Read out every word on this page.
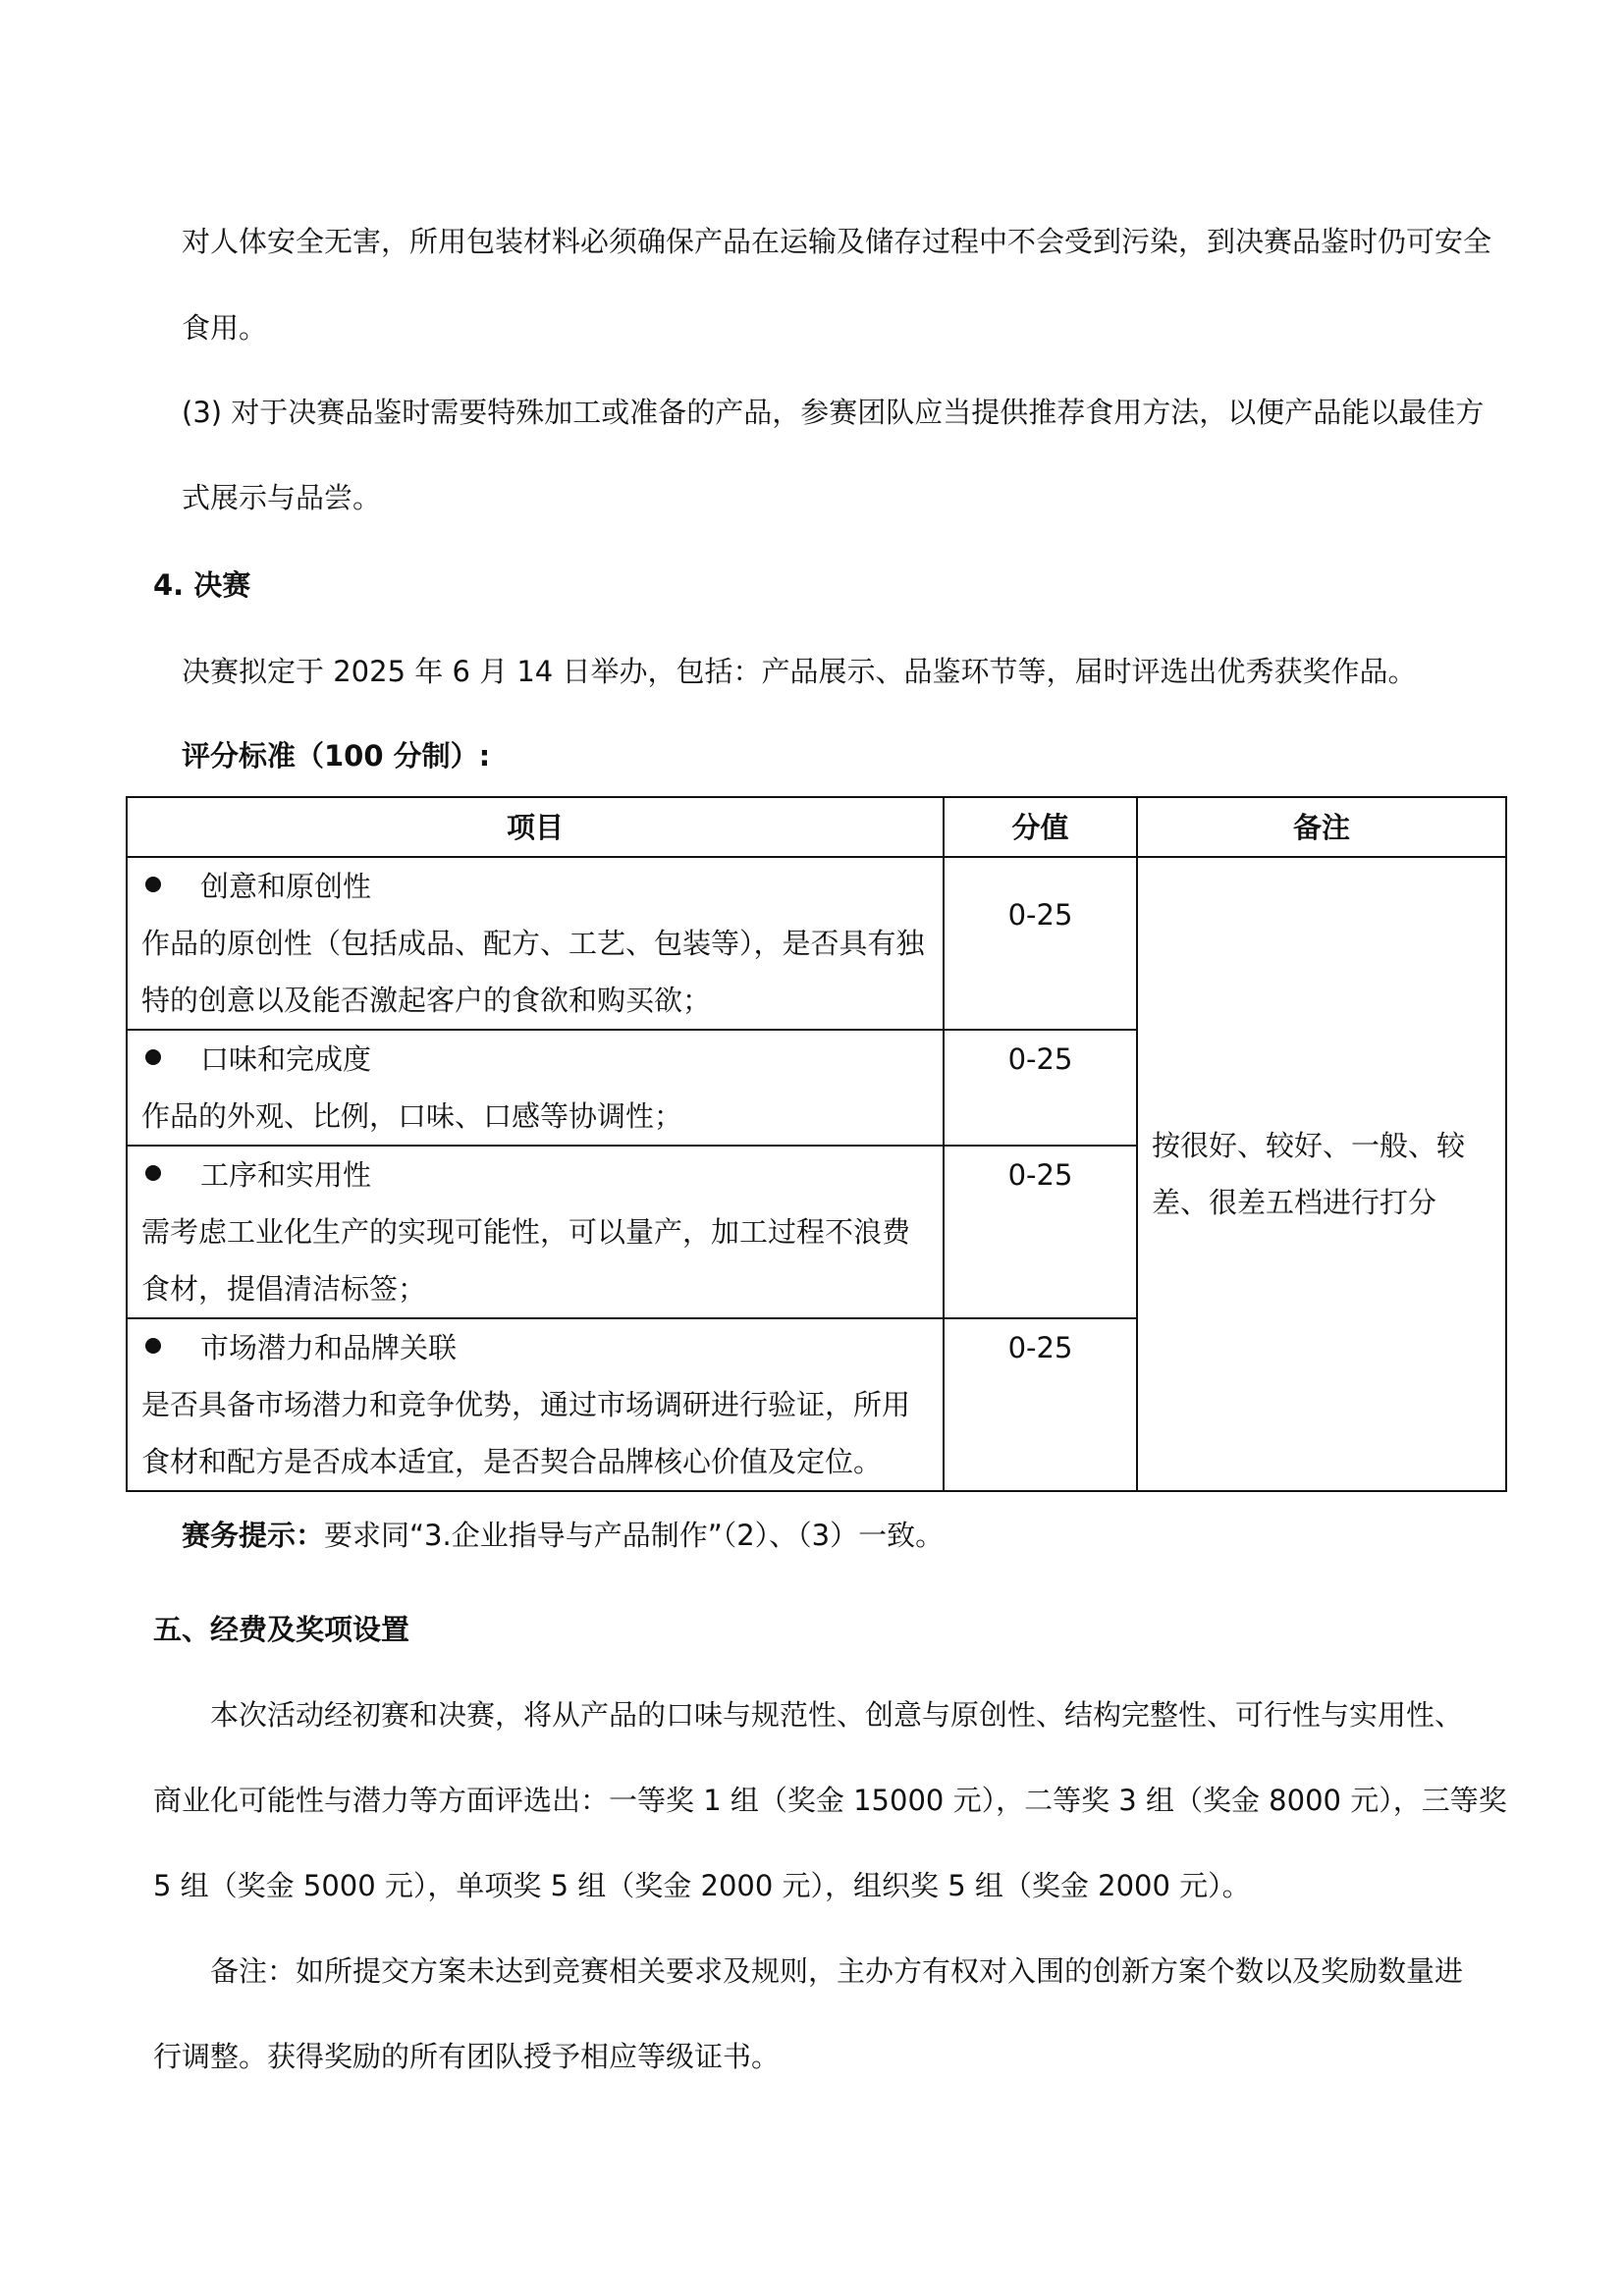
对人体安全无害，所用包装材料必须确保产品在运输及储存过程中不会受到污染，到决赛品鉴时仍可安全
食用。
(3) 对于决赛品鉴时需要特殊加工或准备的产品，参赛团队应当提供推荐食用方法，以便产品能以最佳方
式展示与品尝。
4. 决赛
决赛拟定于 2025 年 6 月 14 日举办，包括：产品展示、品鉴环节等，届时评选出优秀获奖作品。
评分标准（100 分制）:
项目	分值	备注

创意和原创性
作品的原创性（包括成品、配方、工艺、包装等），是否具有独特的创意以及能否激起客户的食欲和购买欲；	0-25	按很好、较好、一般、较差、很差五档进行打分

口味和完成度
作品的外观、比例，口味、口感等协调性；	0-25	

工序和实用性
需考虑工业化生产的实现可能性，可以量产，加工过程不浪费食材，提倡清洁标签；	0-25	

市场潜力和品牌关联
是否具备市场潜力和竞争优势，通过市场调研进行验证，所用食材和配方是否成本适宜，是否契合品牌核心价值及定位。	0-25	
赛务提示：要求同“3.企业指导与产品制作”（2）、（3）一致。
五、经费及奖项设置
本次活动经初赛和决赛，将从产品的口味与规范性、创意与原创性、结构完整性、可行性与实用性、
商业化可能性与潜力等方面评选出：一等奖 1 组（奖金 15000 元），二等奖 3 组（奖金 8000 元），三等奖
5 组（奖金 5000 元），单项奖 5 组（奖金 2000 元），组织奖 5 组（奖金 2000 元）。
备注：如所提交方案未达到竞赛相关要求及规则，主办方有权对入围的创新方案个数以及奖励数量进
行调整。获得奖励的所有团队授予相应等级证书。
